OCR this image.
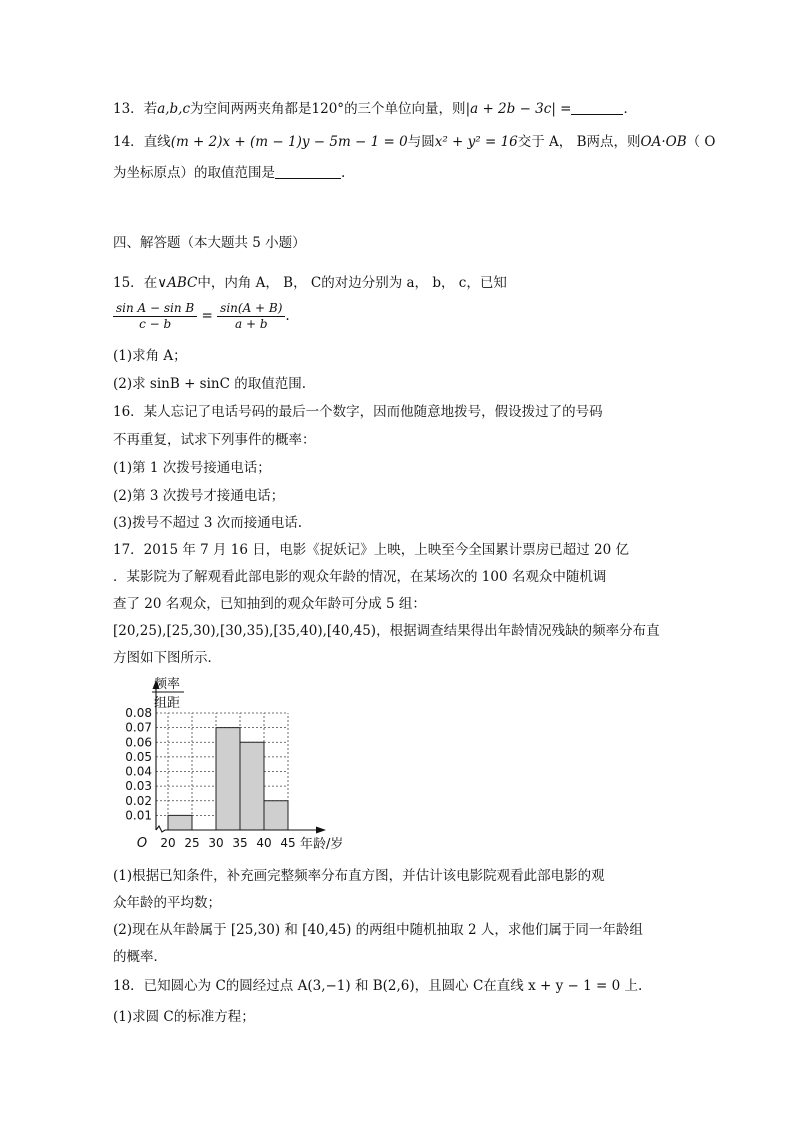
13．若a,b,c为空间两两夹角都是120°的三个单位向量，则|a + 2b − 3c| =	．
14．直线(m + 2)x + (m − 1)y − 5m − 1 = 0与圆x² + y² = 16交于 A， B两点，则OA·OB（ O
为坐标原点）的取值范围是	.
四、解答题（本大题共 5 小题）
15．在∨ABC中，内角 A， B， C的对边分别为 a， b， c，已知
$\frac{\text{sin A − sin B}}{c - b} = \frac{\sin(A + B)}{a + b}$ .
(1)求角 A；
(2)求 sinB + sinC 的取值范围.
16．某人忘记了电话号码的最后一个数字，因而他随意地拨号，假设拨过了的号码
不再重复，试求下列事件的概率：
(1)第 1 次拨号接通电话；
(2)第 3 次拨号才接通电话；
(3)拨号不超过 3 次而接通电话.
17．2015 年 7 月 16 日，电影《捉妖记》上映，上映至今全国累计票房已超过 20 亿
．某影院为了解观看此部电影的观众年龄的情况，在某场次的 100 名观众中随机调
查了 20 名观众，已知抽到的观众年龄可分成 5 组：
[20,25),[25,30),[30,35),[35,40),[40,45)，根据调查结果得出年龄情况残缺的频率分布直
方图如下图所示．
0.01
0.02
0.03
0.04
0.05
0.06
0.07
0.08
20 25 30 35 40 45
O	年龄/岁
频率
组距
(1)根据已知条件，补充画完整频率分布直方图，并估计该电影院观看此部电影的观
众年龄的平均数；
(2)现在从年龄属于 [25,30) 和 [40,45) 的两组中随机抽取 2 人，求他们属于同一年龄组
的概率．
18．已知圆心为 C的圆经过点 A(3,−1) 和 B(2,6)，且圆心 C在直线 x + y − 1 = 0 上.
(1)求圆 C的标准方程；
